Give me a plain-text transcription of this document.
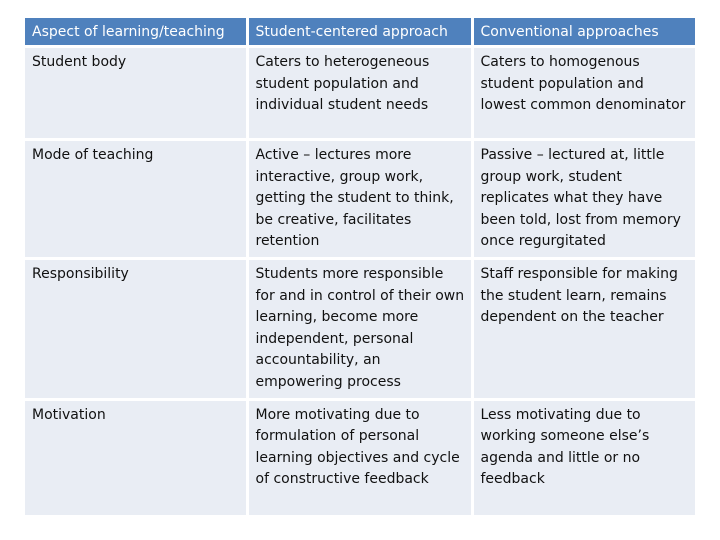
Aspect of learning/teaching	Student-centered approach	Conventional approaches
Student body	Caters to heterogeneous student population and individual student needs	Caters to homogenous student population and lowest common denominator
Mode of teaching	Active – lectures more interactive, group work, getting the student to think, be creative, facilitates retention	Passive – lectured at, little group work, student replicates what they have been told, lost from memory once regurgitated
Responsibility	Students more responsible for and in control of their own learning, become more independent, personal accountability, an empowering process	Staff responsible for making the student learn, remains dependent on the teacher
Motivation	More motivating due to formulation of personal learning objectives and cycle of constructive feedback	Less motivating due to working someone else’s agenda and little or no feedback
